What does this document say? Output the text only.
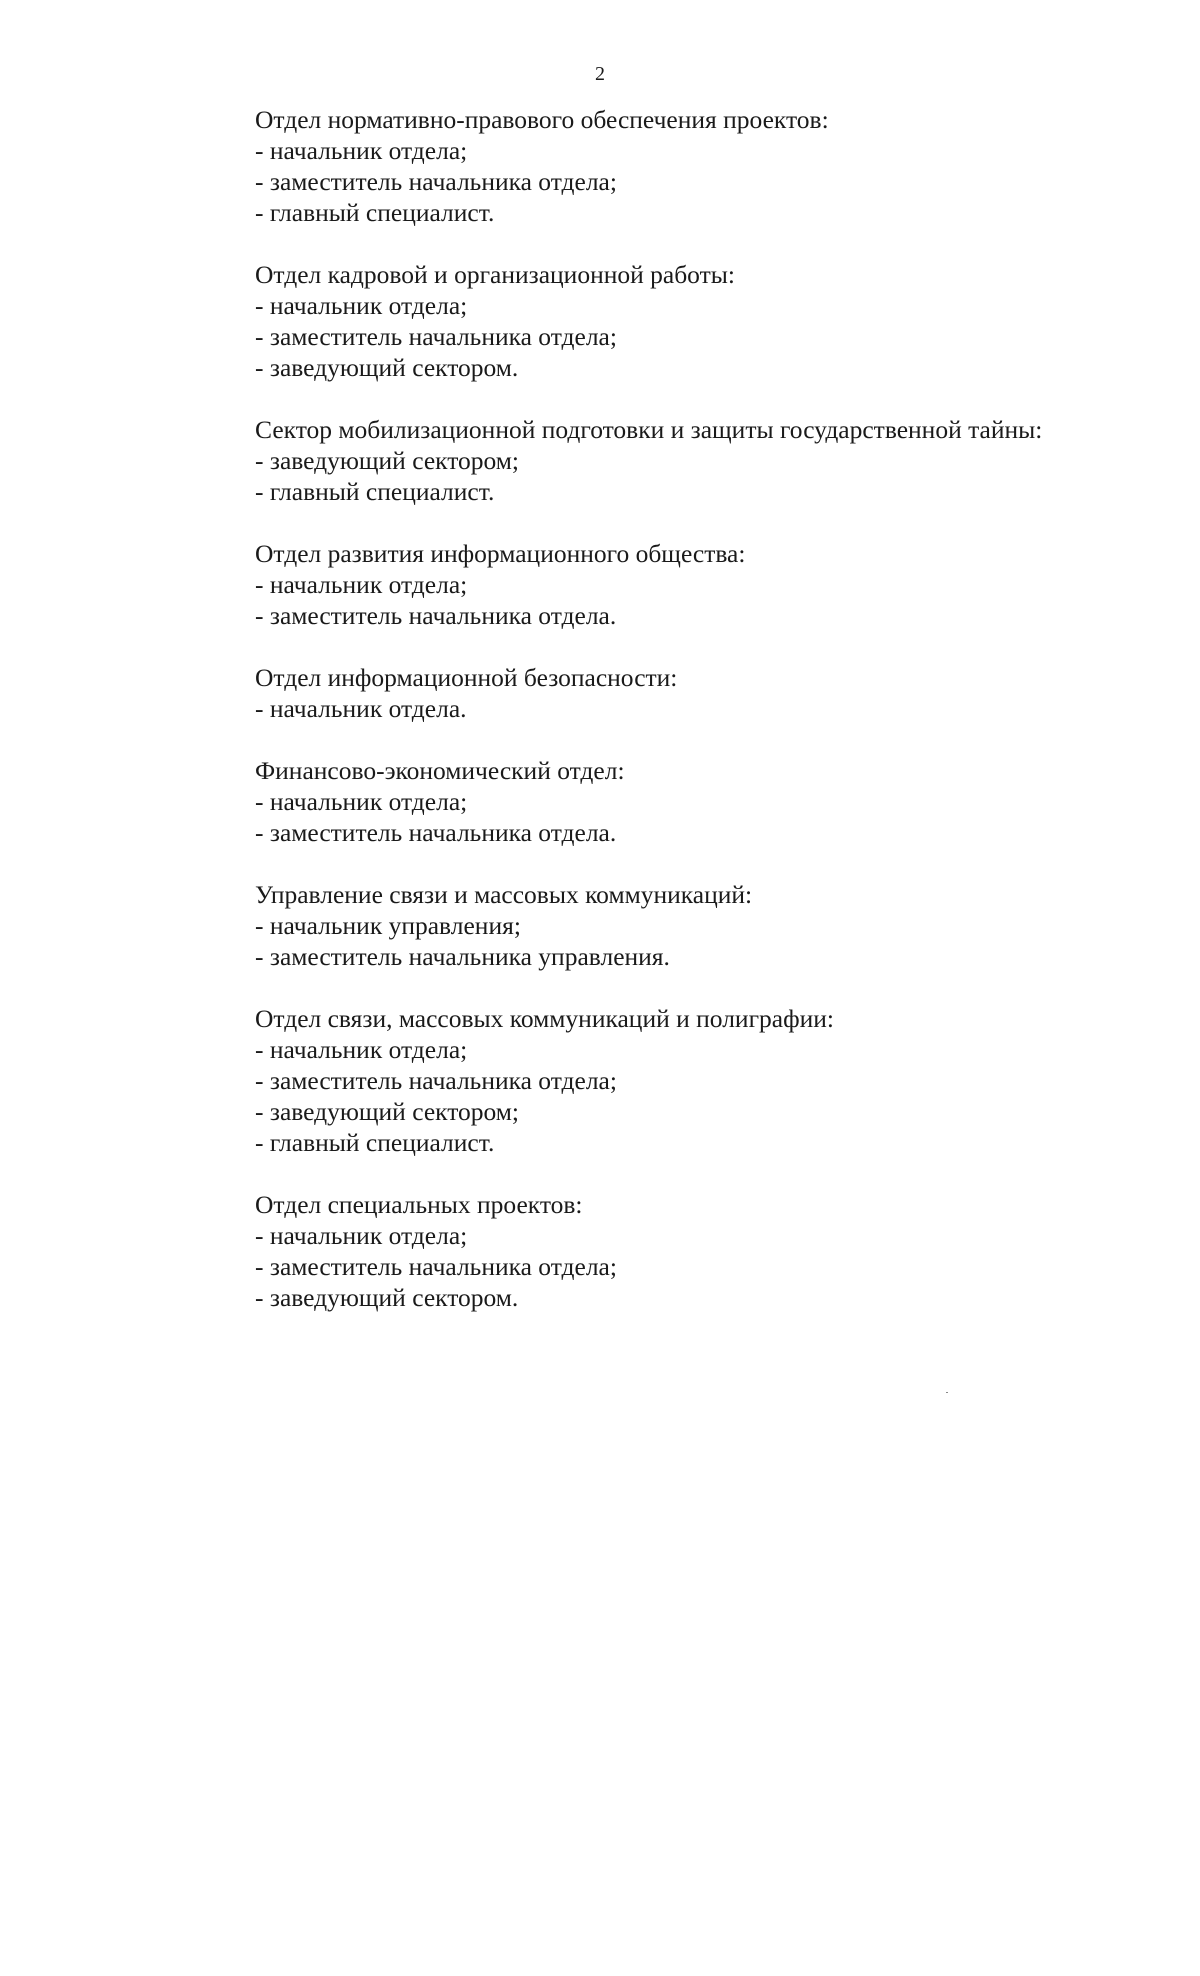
2

Отдел нормативно-правового обеспечения проектов:

- начальник отдела;
- заместитель начальника отдела;
- главный специалист.

Отдел кадровой и организационной работы:

- начальник отдела;
- заместитель начальника отдела;
- заведующий сектором.

Сектор мобилизационной подготовки и защиты государственной тайны:

- заведующий сектором;
- главный специалист.

Отдел развития информационного общества:

- начальник отдела;
- заместитель начальника отдела.

Отдел информационной безопасности:

- начальник отдела.

Финансово-экономический отдел:

- начальник отдела;
- заместитель начальника отдела.

Управление связи и массовых коммуникаций:

- начальник управления;
- заместитель начальника управления.

Отдел связи, массовых коммуникаций и полиграфии:

- начальник отдела;
- заместитель начальника отдела;
- заведующий сектором;
- главный специалист.

Отдел специальных проектов:

- начальник отдела;
- заместитель начальника отдела;
- заведующий сектором.
